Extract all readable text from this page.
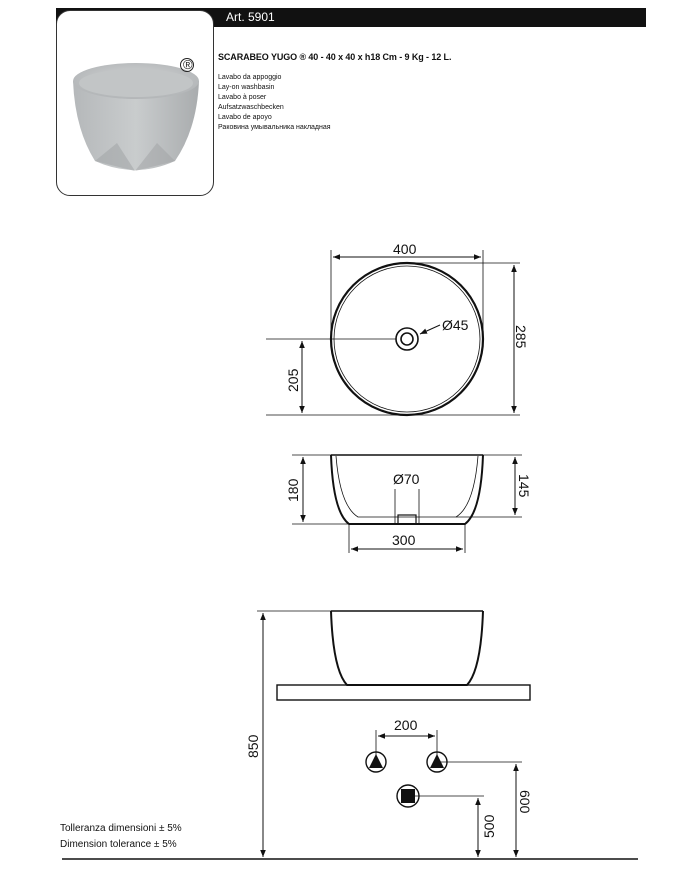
Art. 5901
®	SCARABEO YUGO ® 40 - 40 x 40 x h18 Cm - 9 Kg - 12 L.
Lavabo da appoggio
Lay-on washbasin
Lavabo à poser
Aufsatzwaschbecken
Lavabo de apoyo
Раковина умывальника накладная
400
Ø45	285
205
Ø70
300
180	145
200
850
600
500
Tolleranza dimensioni ± 5%
Dimension tolerance ± 5%
